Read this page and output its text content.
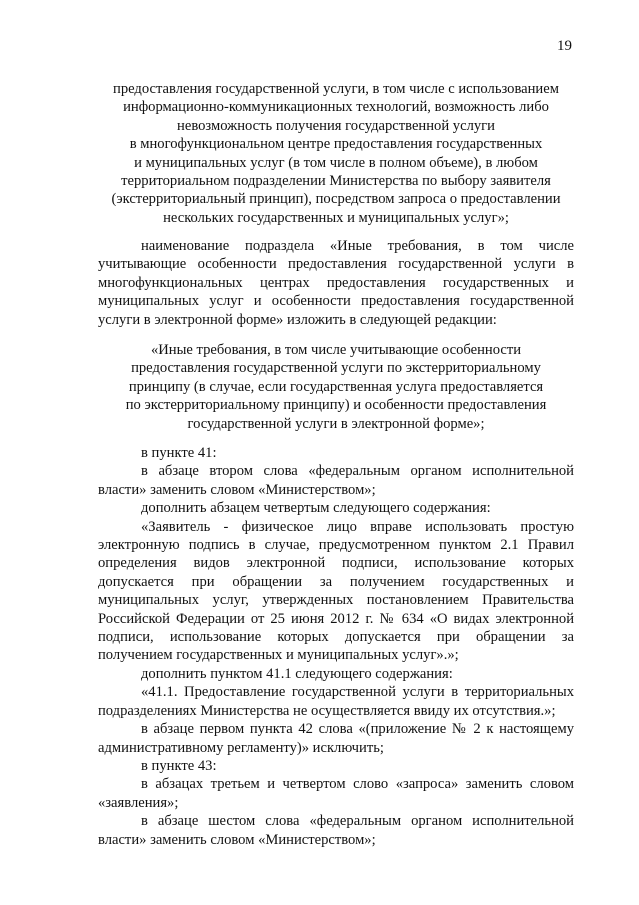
19
предоставления государственной услуги, в том числе с использованием
информационно-коммуникационных технологий, возможность либо
невозможность получения государственной услуги
в многофункциональном центре предоставления государственных
и муниципальных услуг (в том числе в полном объеме), в любом
территориальном подразделении Министерства по выбору заявителя
(экстерриториальный принцип), посредством запроса о предоставлении
нескольких государственных и муниципальных услуг»;
наименование подраздела «Иные требования, в том числе учитывающие особенности предоставления государственной услуги в многофункциональных центрах предоставления государственных и муниципальных услуг и особенности предоставления государственной услуги в электронной форме» изложить в следующей редакции:
«Иные требования, в том числе учитывающие особенности
предоставления государственной услуги по экстерриториальному
принципу (в случае, если государственная услуга предоставляется
по экстерриториальному принципу) и особенности предоставления
государственной услуги в электронной форме»;

в пункте 41:

в абзаце втором слова «федеральным органом исполнительной власти» заменить словом «Министерством»;

дополнить абзацем четвертым следующего содержания:

«Заявитель - физическое лицо вправе использовать простую электронную подпись в случае, предусмотренном пунктом 2.1 Правил определения видов электронной подписи, использование которых допускается при обращении за получением государственных и муниципальных услуг, утвержденных постановлением Правительства Российской Федерации от 25 июня 2012 г. № 634 «О видах электронной подписи, использование которых допускается при обращении за получением государственных и муниципальных услуг».»;

дополнить пунктом 41.1 следующего содержания:

«41.1. Предоставление государственной услуги в территориальных подразделениях Министерства не осуществляется ввиду их отсутствия.»;

в абзаце первом пункта 42 слова «(приложение № 2 к настоящему административному регламенту)» исключить;

в пункте 43:

в абзацах третьем и четвертом слово «запроса» заменить словом «заявления»;

в абзаце шестом слова «федеральным органом исполнительной власти» заменить словом «Министерством»;
